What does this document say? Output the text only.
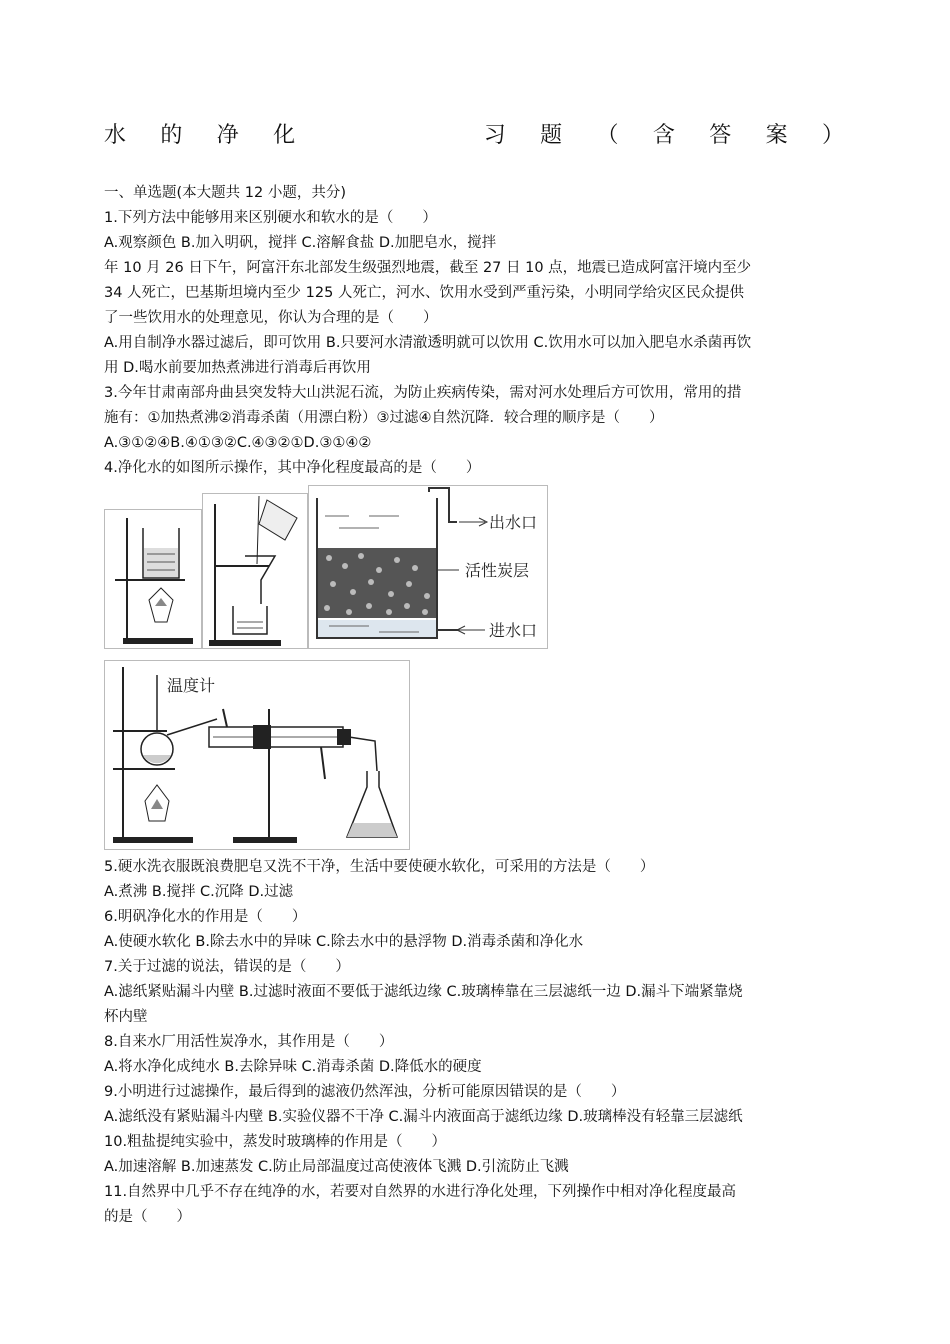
水 的 净 化	习 题 （ 含 答 案 ）
一、单选题(本大题共 12 小题，共分)
1.下列方法中能够用来区别硬水和软水的是（　　）
A.观察颜色 B.加入明矾，搅拌 C.溶解食盐 D.加肥皂水，搅拌
年 10 月 26 日下午，阿富汗东北部发生级强烈地震，截至 27 日 10 点，地震已造成阿富汗境内至少
34 人死亡，巴基斯坦境内至少 125 人死亡，河水、饮用水受到严重污染，小明同学给灾区民众提供
了一些饮用水的处理意见，你认为合理的是（　　）
A.用自制净水器过滤后，即可饮用 B.只要河水清澈透明就可以饮用 C.饮用水可以加入肥皂水杀菌再饮
用 D.喝水前要加热煮沸进行消毒后再饮用
3.今年甘肃南部舟曲县突发特大山洪泥石流，为防止疾病传染，需对河水处理后方可饮用，常用的措
施有：①加热煮沸②消毒杀菌（用漂白粉）③过滤④自然沉降．较合理的顺序是（　　）
A.③①②④B.④①③②C.④③②①D.③①④②
4.净化水的如图所示操作，其中净化程度最高的是（　　）
出水口
活性炭层
进水口
温度计
5.硬水洗衣服既浪费肥皂又洗不干净，生活中要使硬水软化，可采用的方法是（　　）
A.煮沸 B.搅拌 C.沉降 D.过滤
6.明矾净化水的作用是（　　）
A.使硬水软化 B.除去水中的异味 C.除去水中的悬浮物 D.消毒杀菌和净化水
7.关于过滤的说法，错误的是（　　）
A.滤纸紧贴漏斗内壁 B.过滤时液面不要低于滤纸边缘 C.玻璃棒靠在三层滤纸一边 D.漏斗下端紧靠烧
杯内壁
8.自来水厂用活性炭净水，其作用是（　　）
A.将水净化成纯水 B.去除异味 C.消毒杀菌 D.降低水的硬度
9.小明进行过滤操作，最后得到的滤液仍然浑浊，分析可能原因错误的是（　　）
A.滤纸没有紧贴漏斗内壁 B.实验仪器不干净 C.漏斗内液面高于滤纸边缘 D.玻璃棒没有轻靠三层滤纸
10.粗盐提纯实验中，蒸发时玻璃棒的作用是（　　）
A.加速溶解 B.加速蒸发 C.防止局部温度过高使液体飞溅 D.引流防止飞溅
11.自然界中几乎不存在纯净的水，若要对自然界的水进行净化处理，下列操作中相对净化程度最高
的是（　　）
